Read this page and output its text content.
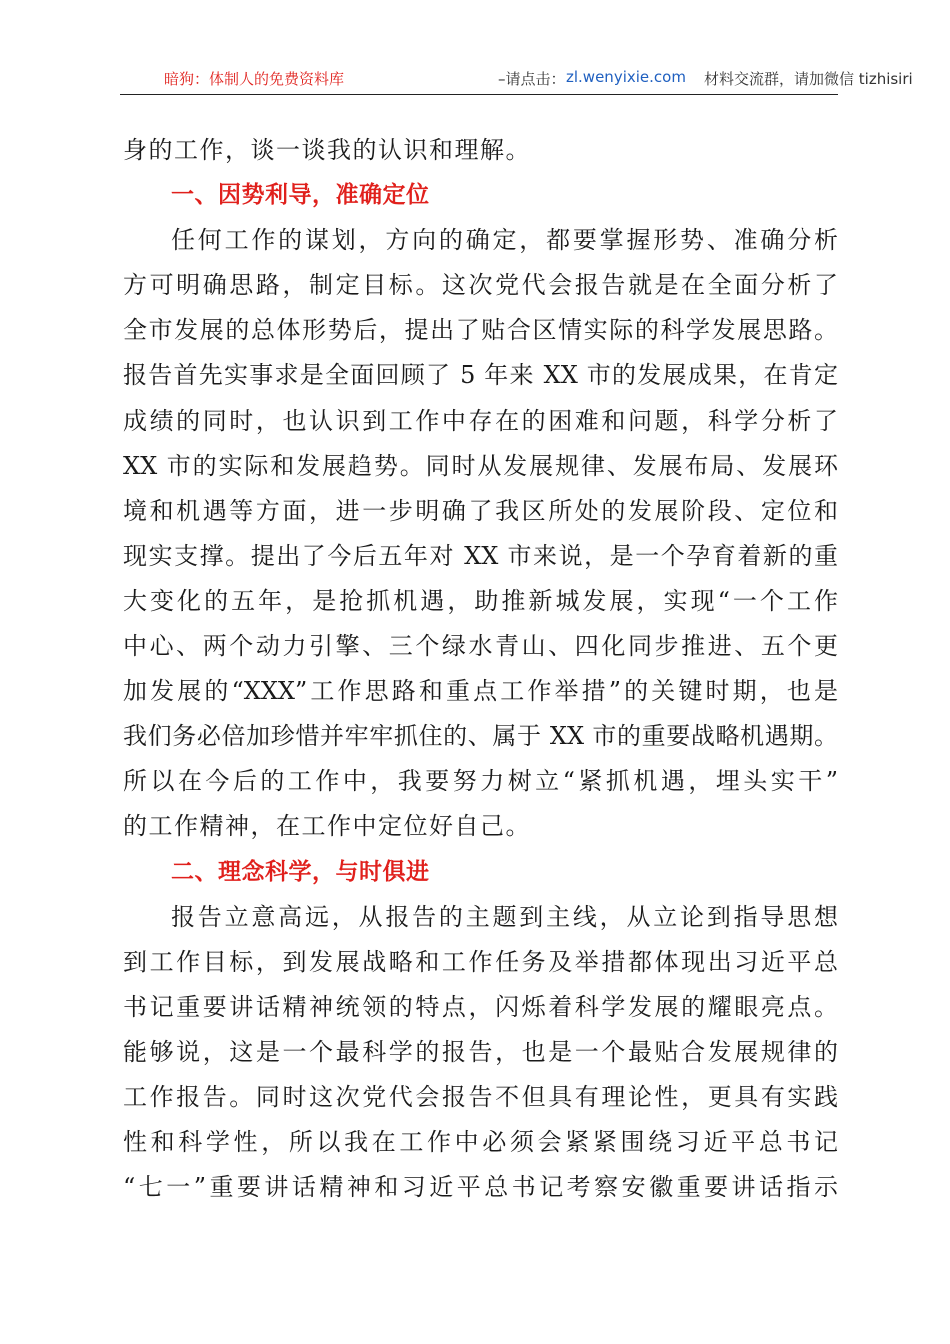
暗狗：体制人的免费资料库	–请点击： zl.wenyixie.com 材料交流群，请加微信 tizhisiri
身的工作，谈一谈我的认识和理解。
一、因势利导，准确定位
任何工作的谋划，方向的确定，都要掌握形势、准确分析
方可明确思路，制定目标。这次党代会报告就是在全面分析了
全市发展的总体形势后，提出了贴合区情实际的科学发展思路。
报告首先实事求是全面回顾了 5 年来 XX 市的发展成果，在肯定
成绩的同时，也认识到工作中存在的困难和问题，科学分析了
XX 市的实际和发展趋势。同时从发展规律、发展布局、发展环
境和机遇等方面，进一步明确了我区所处的发展阶段、定位和
现实支撑。提出了今后五年对 XX 市来说，是一个孕育着新的重
大变化的五年，是抢抓机遇，助推新城发展，实现“一个工作
中心、两个动力引擎、三个绿水青山、四化同步推进、五个更
加发展的“XXX”工作思路和重点工作举措”的关键时期，也是
我们务必倍加珍惜并牢牢抓住的、属于 XX 市的重要战略机遇期。
所以在今后的工作中，我要努力树立“紧抓机遇，埋头实干”
的工作精神，在工作中定位好自己。
二、理念科学，与时俱进
报告立意高远，从报告的主题到主线，从立论到指导思想
到工作目标，到发展战略和工作任务及举措都体现出习近平总
书记重要讲话精神统领的特点，闪烁着科学发展的耀眼亮点。
能够说，这是一个最科学的报告，也是一个最贴合发展规律的
工作报告。同时这次党代会报告不但具有理论性，更具有实践
性和科学性，所以我在工作中必须会紧紧围绕习近平总书记
“七一”重要讲话精神和习近平总书记考察安徽重要讲话指示
